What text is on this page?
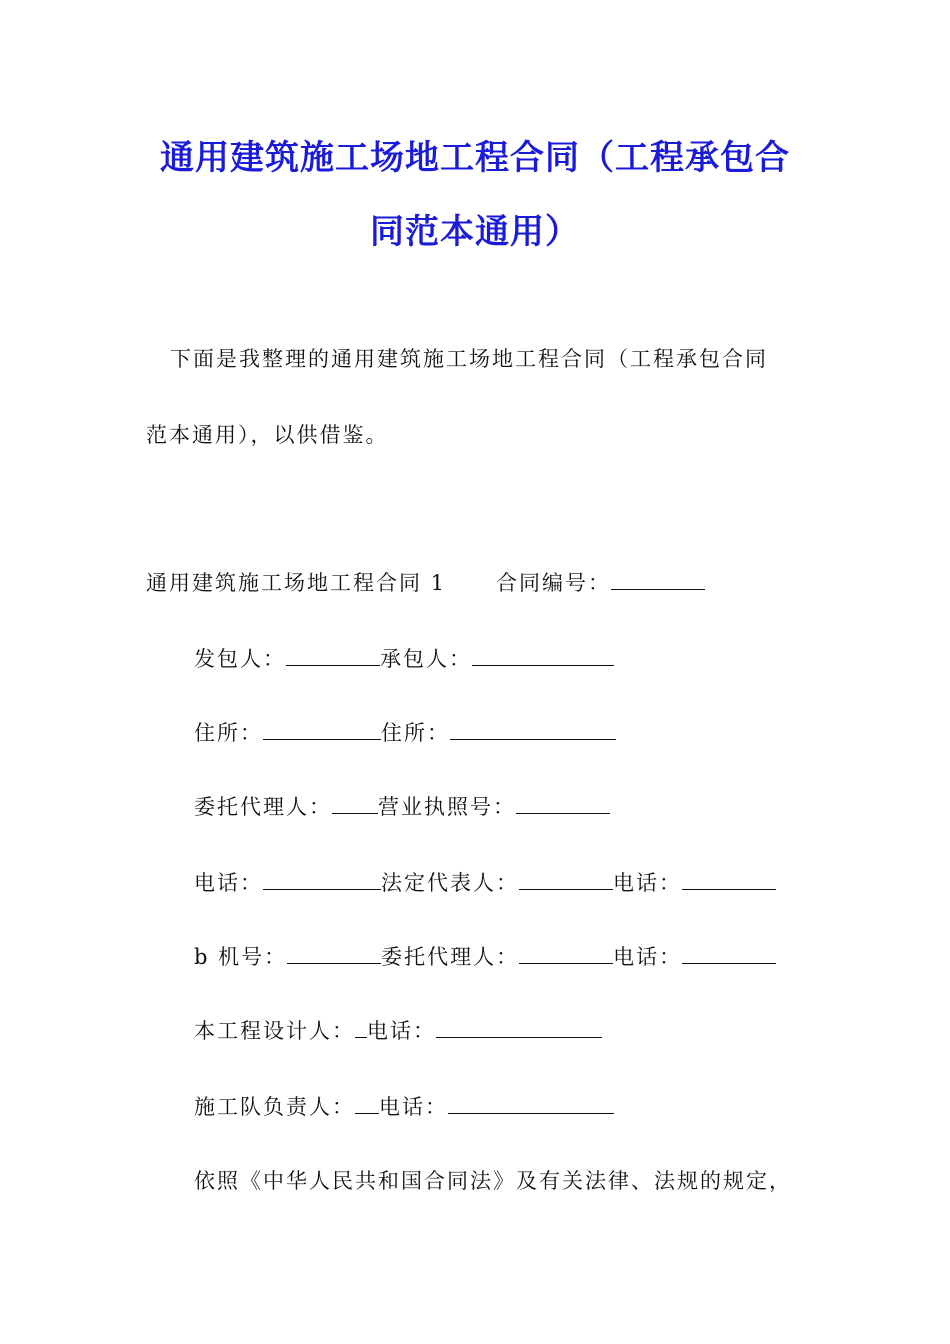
通用建筑施工场地工程合同（工程承包合
同范本通用）
下面是我整理的通用建筑施工场地工程合同（工程承包合同
范本通用），以供借鉴。
通用建筑施工场地工程合同 1 合同编号：
发包人：	承包人：
住所：	住所：
委托代理人： 营业执照号：
电话：	法定代表人：	电话：
b 机号：	委托代理人：	电话：
本工程设计人： 电话：
施工队负责人： 电话：
依照《中华人民共和国合同法》及有关法律、法规的规定，
